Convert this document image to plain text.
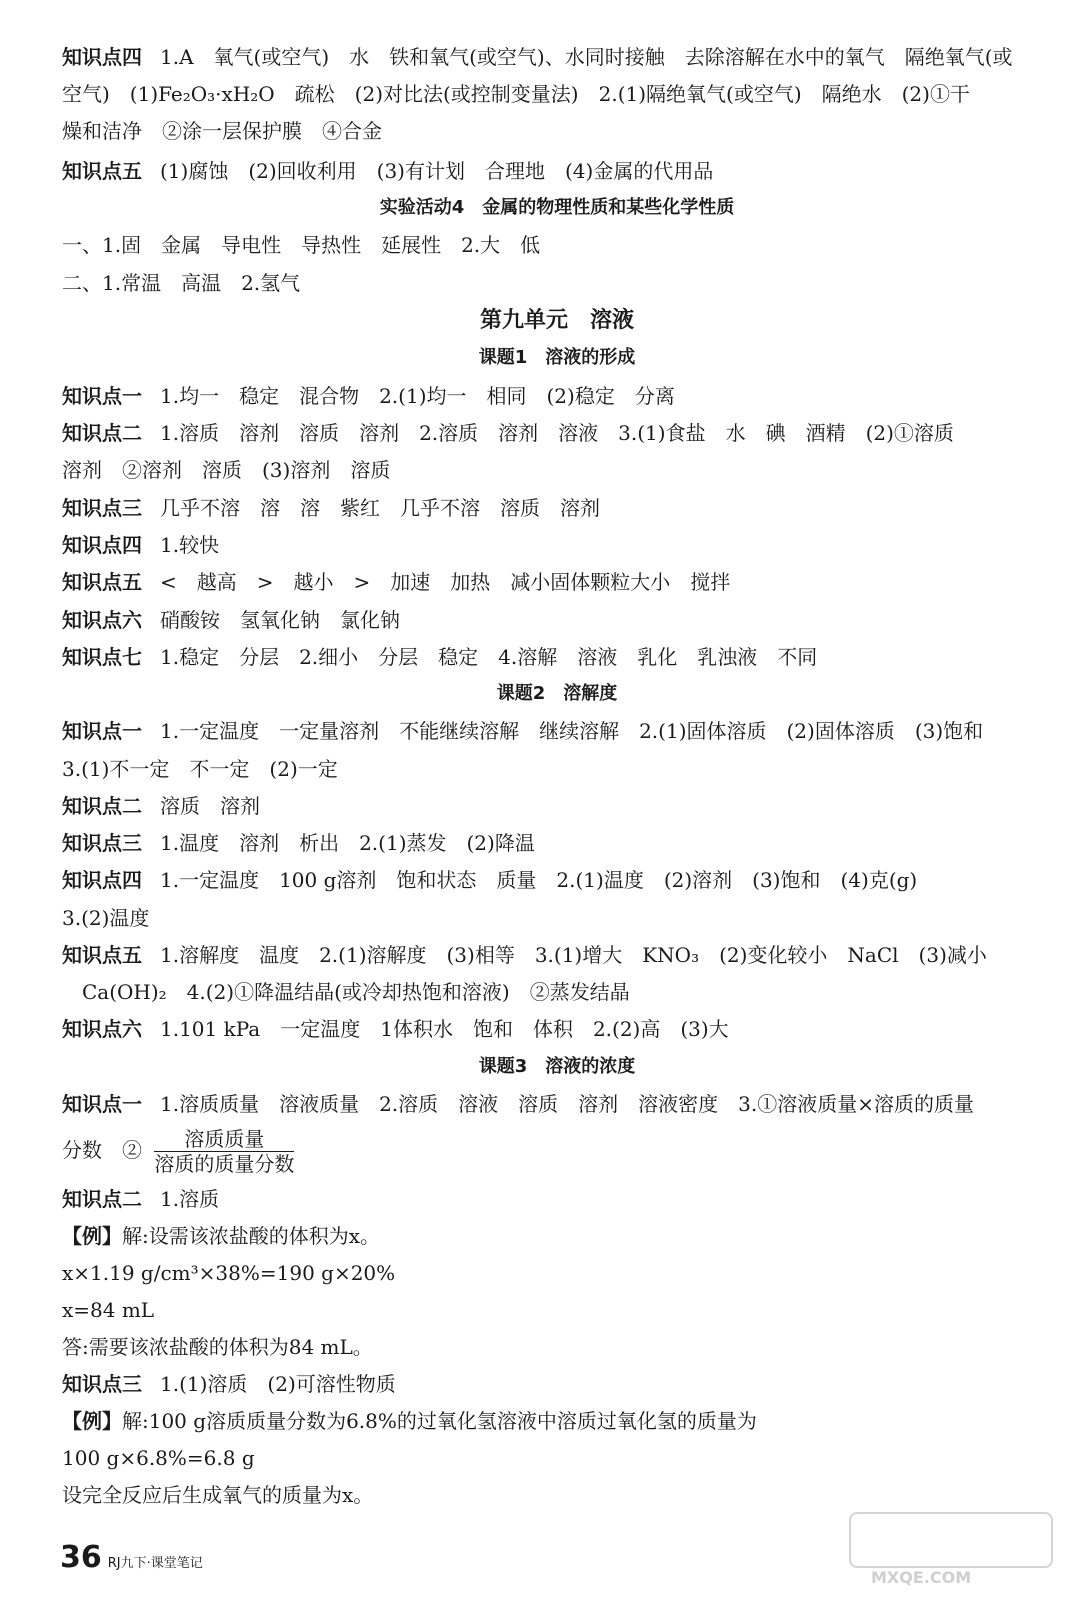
知识点四 1.A　氧气(或空气)　水　铁和氧气(或空气)、水同时接触　去除溶解在水中的氧气　隔绝氧气(或
空气)　(1)Fe₂O₃·xH₂O　疏松　(2)对比法(或控制变量法)　2.(1)隔绝氧气(或空气)　隔绝水　(2)①干
燥和洁净　②涂一层保护膜　④合金
知识点五 (1)腐蚀　(2)回收利用　(3)有计划　合理地　(4)金属的代用品
实验活动4　金属的物理性质和某些化学性质
一、1.固　金属　导电性　导热性　延展性　2.大　低
二、1.常温　高温　2.氢气
第九单元　溶液
课题1　溶液的形成
知识点一 1.均一　稳定　混合物　2.(1)均一　相同　(2)稳定　分离
知识点二 1.溶质　溶剂　溶质　溶剂　2.溶质　溶剂　溶液　3.(1)食盐　水　碘　酒精　(2)①溶质
溶剂　②溶剂　溶质　(3)溶剂　溶质
知识点三 几乎不溶　溶　溶　紫红　几乎不溶　溶质　溶剂
知识点四 1.较快
知识点五 <　越高　>　越小　>　加速　加热　减小固体颗粒大小　搅拌
知识点六 硝酸铵　氢氧化钠　氯化钠
知识点七 1.稳定　分层　2.细小　分层　稳定　4.溶解　溶液　乳化　乳浊液　不同
课题2　溶解度
知识点一 1.一定温度　一定量溶剂　不能继续溶解　继续溶解　2.(1)固体溶质　(2)固体溶质　(3)饱和
3.(1)不一定　不一定　(2)一定
知识点二 溶质　溶剂
知识点三 1.温度　溶剂　析出　2.(1)蒸发　(2)降温
知识点四 1.一定温度　100 g溶剂　饱和状态　质量　2.(1)温度　(2)溶剂　(3)饱和　(4)克(g)
3.(2)温度
知识点五 1.溶解度　温度　2.(1)溶解度　(3)相等　3.(1)增大　KNO₃　(2)变化较小　NaCl　(3)减小
　Ca(OH)₂　4.(2)①降温结晶(或冷却热饱和溶液)　②蒸发结晶
知识点六 1.101 kPa　一定温度　1体积水　饱和　体积　2.(2)高　(3)大
课题3　溶液的浓度
知识点一 1.溶质质量　溶液质量　2.溶质　溶液　溶质　溶剂　溶液密度　3.①溶液质量×溶质的质量
分数　② $\frac{\text{溶质质量}}{\text{溶质的质量分数}}$
知识点二 1.溶质
【例】解:设需该浓盐酸的体积为x。
x×1.19 g/cm³×38%=190 g×20%
x=84 mL
答:需要该浓盐酸的体积为84 mL。
知识点三 1.(1)溶质　(2)可溶性物质
【例】解:100 g溶质质量分数为6.8%的过氧化氢溶液中溶质过氧化氢的质量为
100 g×6.8%=6.8 g
设完全反应后生成氧气的质量为x。
36 RJ九下·课堂笔记
MXQE.COM
